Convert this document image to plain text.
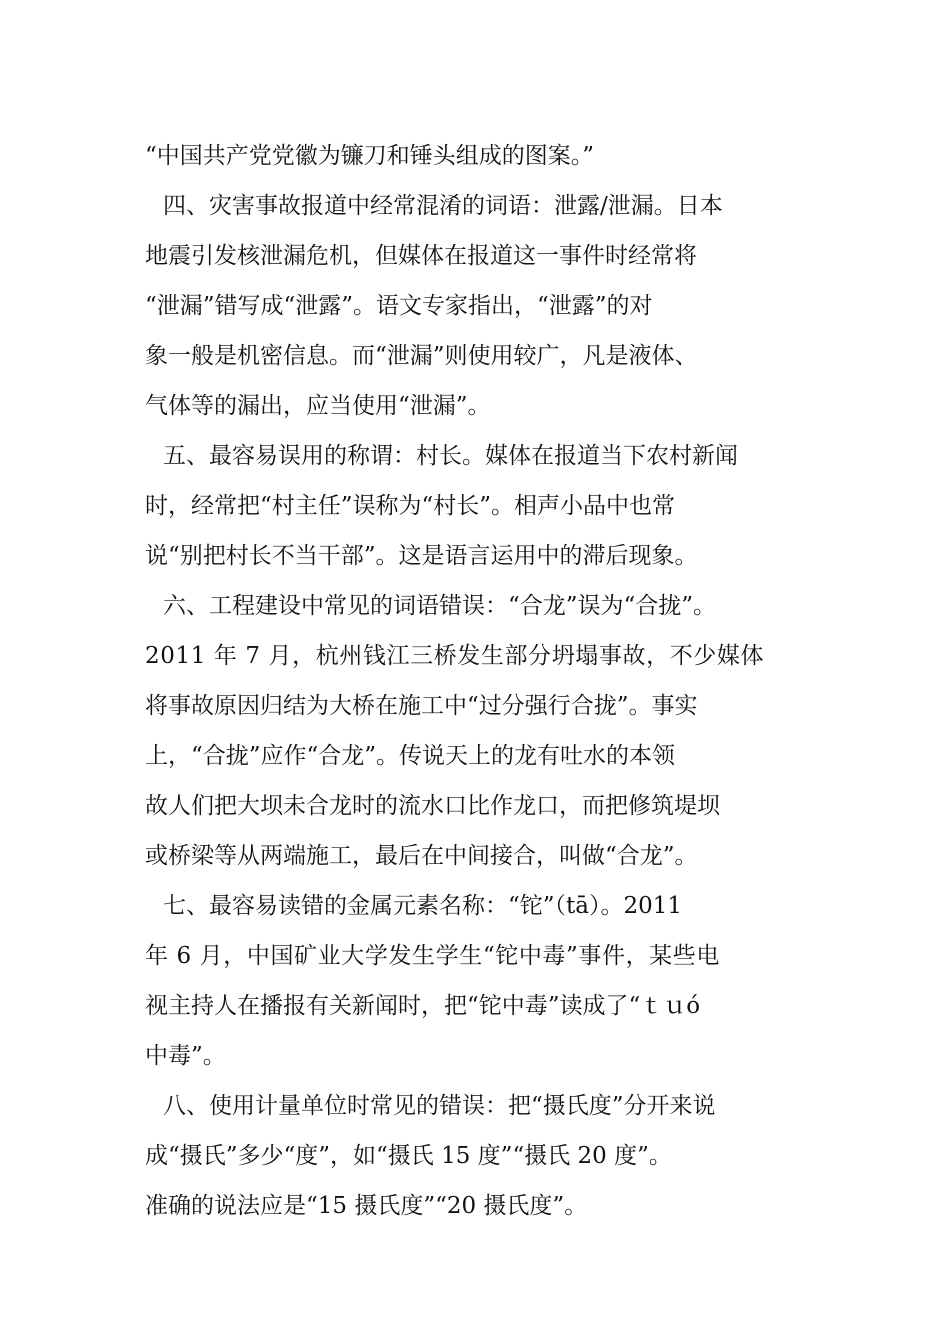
“中国共产党党徽为镰刀和锤头组成的图案。”
四、灾害事故报道中经常混淆的词语：泄露/泄漏。日本
地震引发核泄漏危机，但媒体在报道这一事件时经常将
“泄漏”错写成“泄露”。语文专家指出，“泄露”的对
象一般是机密信息。而“泄漏”则使用较广，凡是液体、
气体等的漏出，应当使用“泄漏”。
五、最容易误用的称谓：村长。媒体在报道当下农村新闻
时，经常把“村主任”误称为“村长”。相声小品中也常
说“别把村长不当干部”。这是语言运用中的滞后现象。
六、工程建设中常见的词语错误：“合龙”误为“合拢”。
2011 年 7 月，杭州钱江三桥发生部分坍塌事故，不少媒体
将事故原因归结为大桥在施工中“过分强行合拢”。事实
上，“合拢”应作“合龙”。传说天上的龙有吐水的本领
故人们把大坝未合龙时的流水口比作龙口，而把修筑堤坝
或桥梁等从两端施工，最后在中间接合，叫做“合龙”。
七、最容易读错的金属元素名称：“铊”（tā）。2011
年 6 月，中国矿业大学发生学生“铊中毒”事件，某些电
视主持人在播报有关新闻时，把“铊中毒”读成了“ｔｕó
中毒”。
八、使用计量单位时常见的错误：把“摄氏度”分开来说
成“摄氏”多少“度”，如“摄氏 15 度”“摄氏 20 度”。
准确的说法应是“15 摄氏度”“20 摄氏度”。
